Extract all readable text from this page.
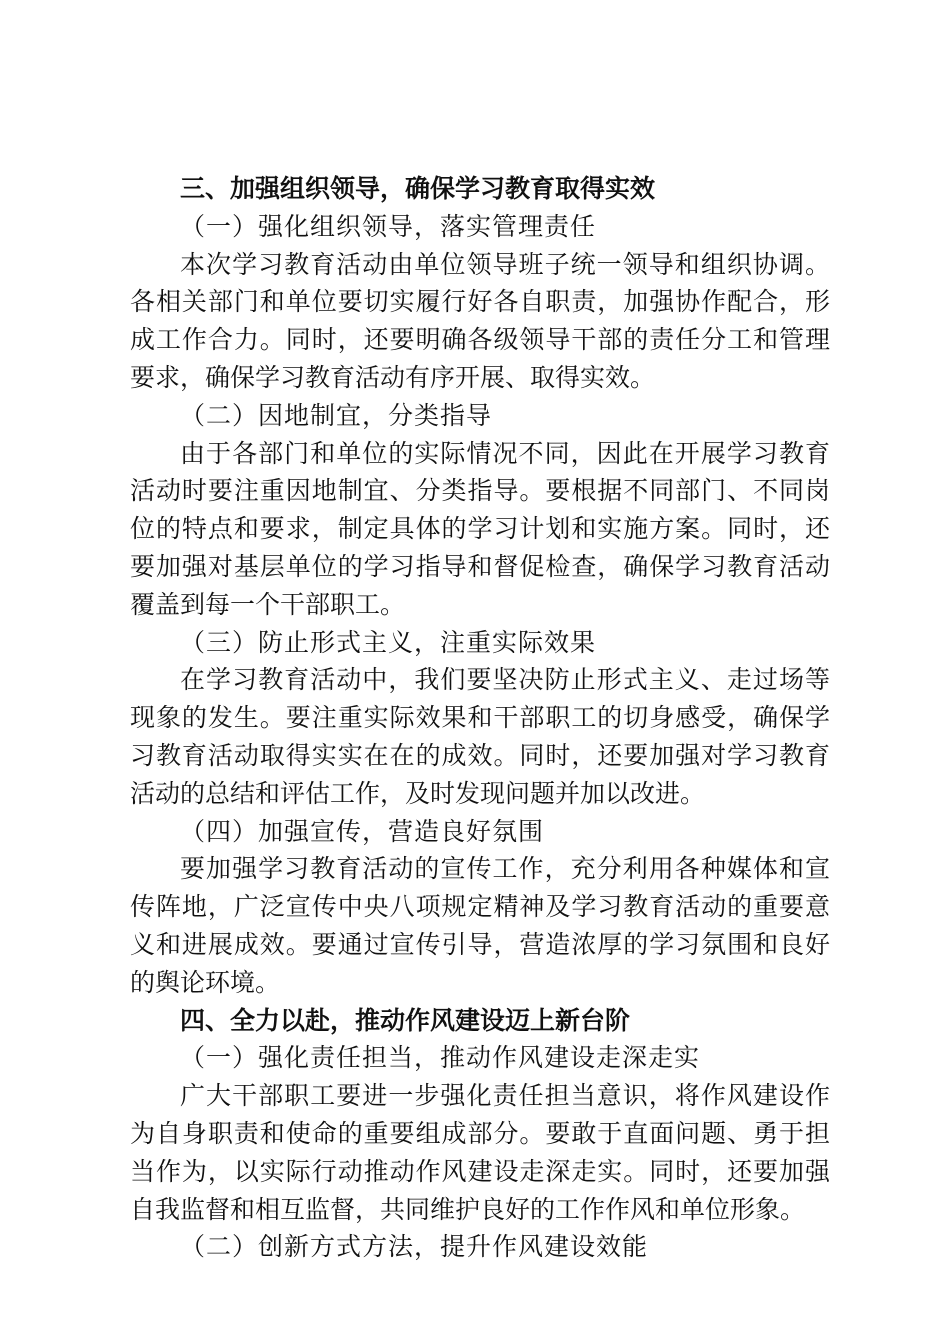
三、加强组织领导，确保学习教育取得实效
（一）强化组织领导，落实管理责任
本次学习教育活动由单位领导班子统一领导和组织协调。
各相关部门和单位要切实履行好各自职责，加强协作配合，形
成工作合力。同时，还要明确各级领导干部的责任分工和管理
要求，确保学习教育活动有序开展、取得实效。
（二）因地制宜，分类指导
由于各部门和单位的实际情况不同，因此在开展学习教育
活动时要注重因地制宜、分类指导。要根据不同部门、不同岗
位的特点和要求，制定具体的学习计划和实施方案。同时，还
要加强对基层单位的学习指导和督促检查，确保学习教育活动
覆盖到每一个干部职工。
（三）防止形式主义，注重实际效果
在学习教育活动中，我们要坚决防止形式主义、走过场等
现象的发生。要注重实际效果和干部职工的切身感受，确保学
习教育活动取得实实在在的成效。同时，还要加强对学习教育
活动的总结和评估工作，及时发现问题并加以改进。
（四）加强宣传，营造良好氛围
要加强学习教育活动的宣传工作，充分利用各种媒体和宣
传阵地，广泛宣传中央八项规定精神及学习教育活动的重要意
义和进展成效。要通过宣传引导，营造浓厚的学习氛围和良好
的舆论环境。
四、全力以赴，推动作风建设迈上新台阶
（一）强化责任担当，推动作风建设走深走实
广大干部职工要进一步强化责任担当意识，将作风建设作
为自身职责和使命的重要组成部分。要敢于直面问题、勇于担
当作为，以实际行动推动作风建设走深走实。同时，还要加强
自我监督和相互监督，共同维护良好的工作作风和单位形象。
（二）创新方式方法，提升作风建设效能
